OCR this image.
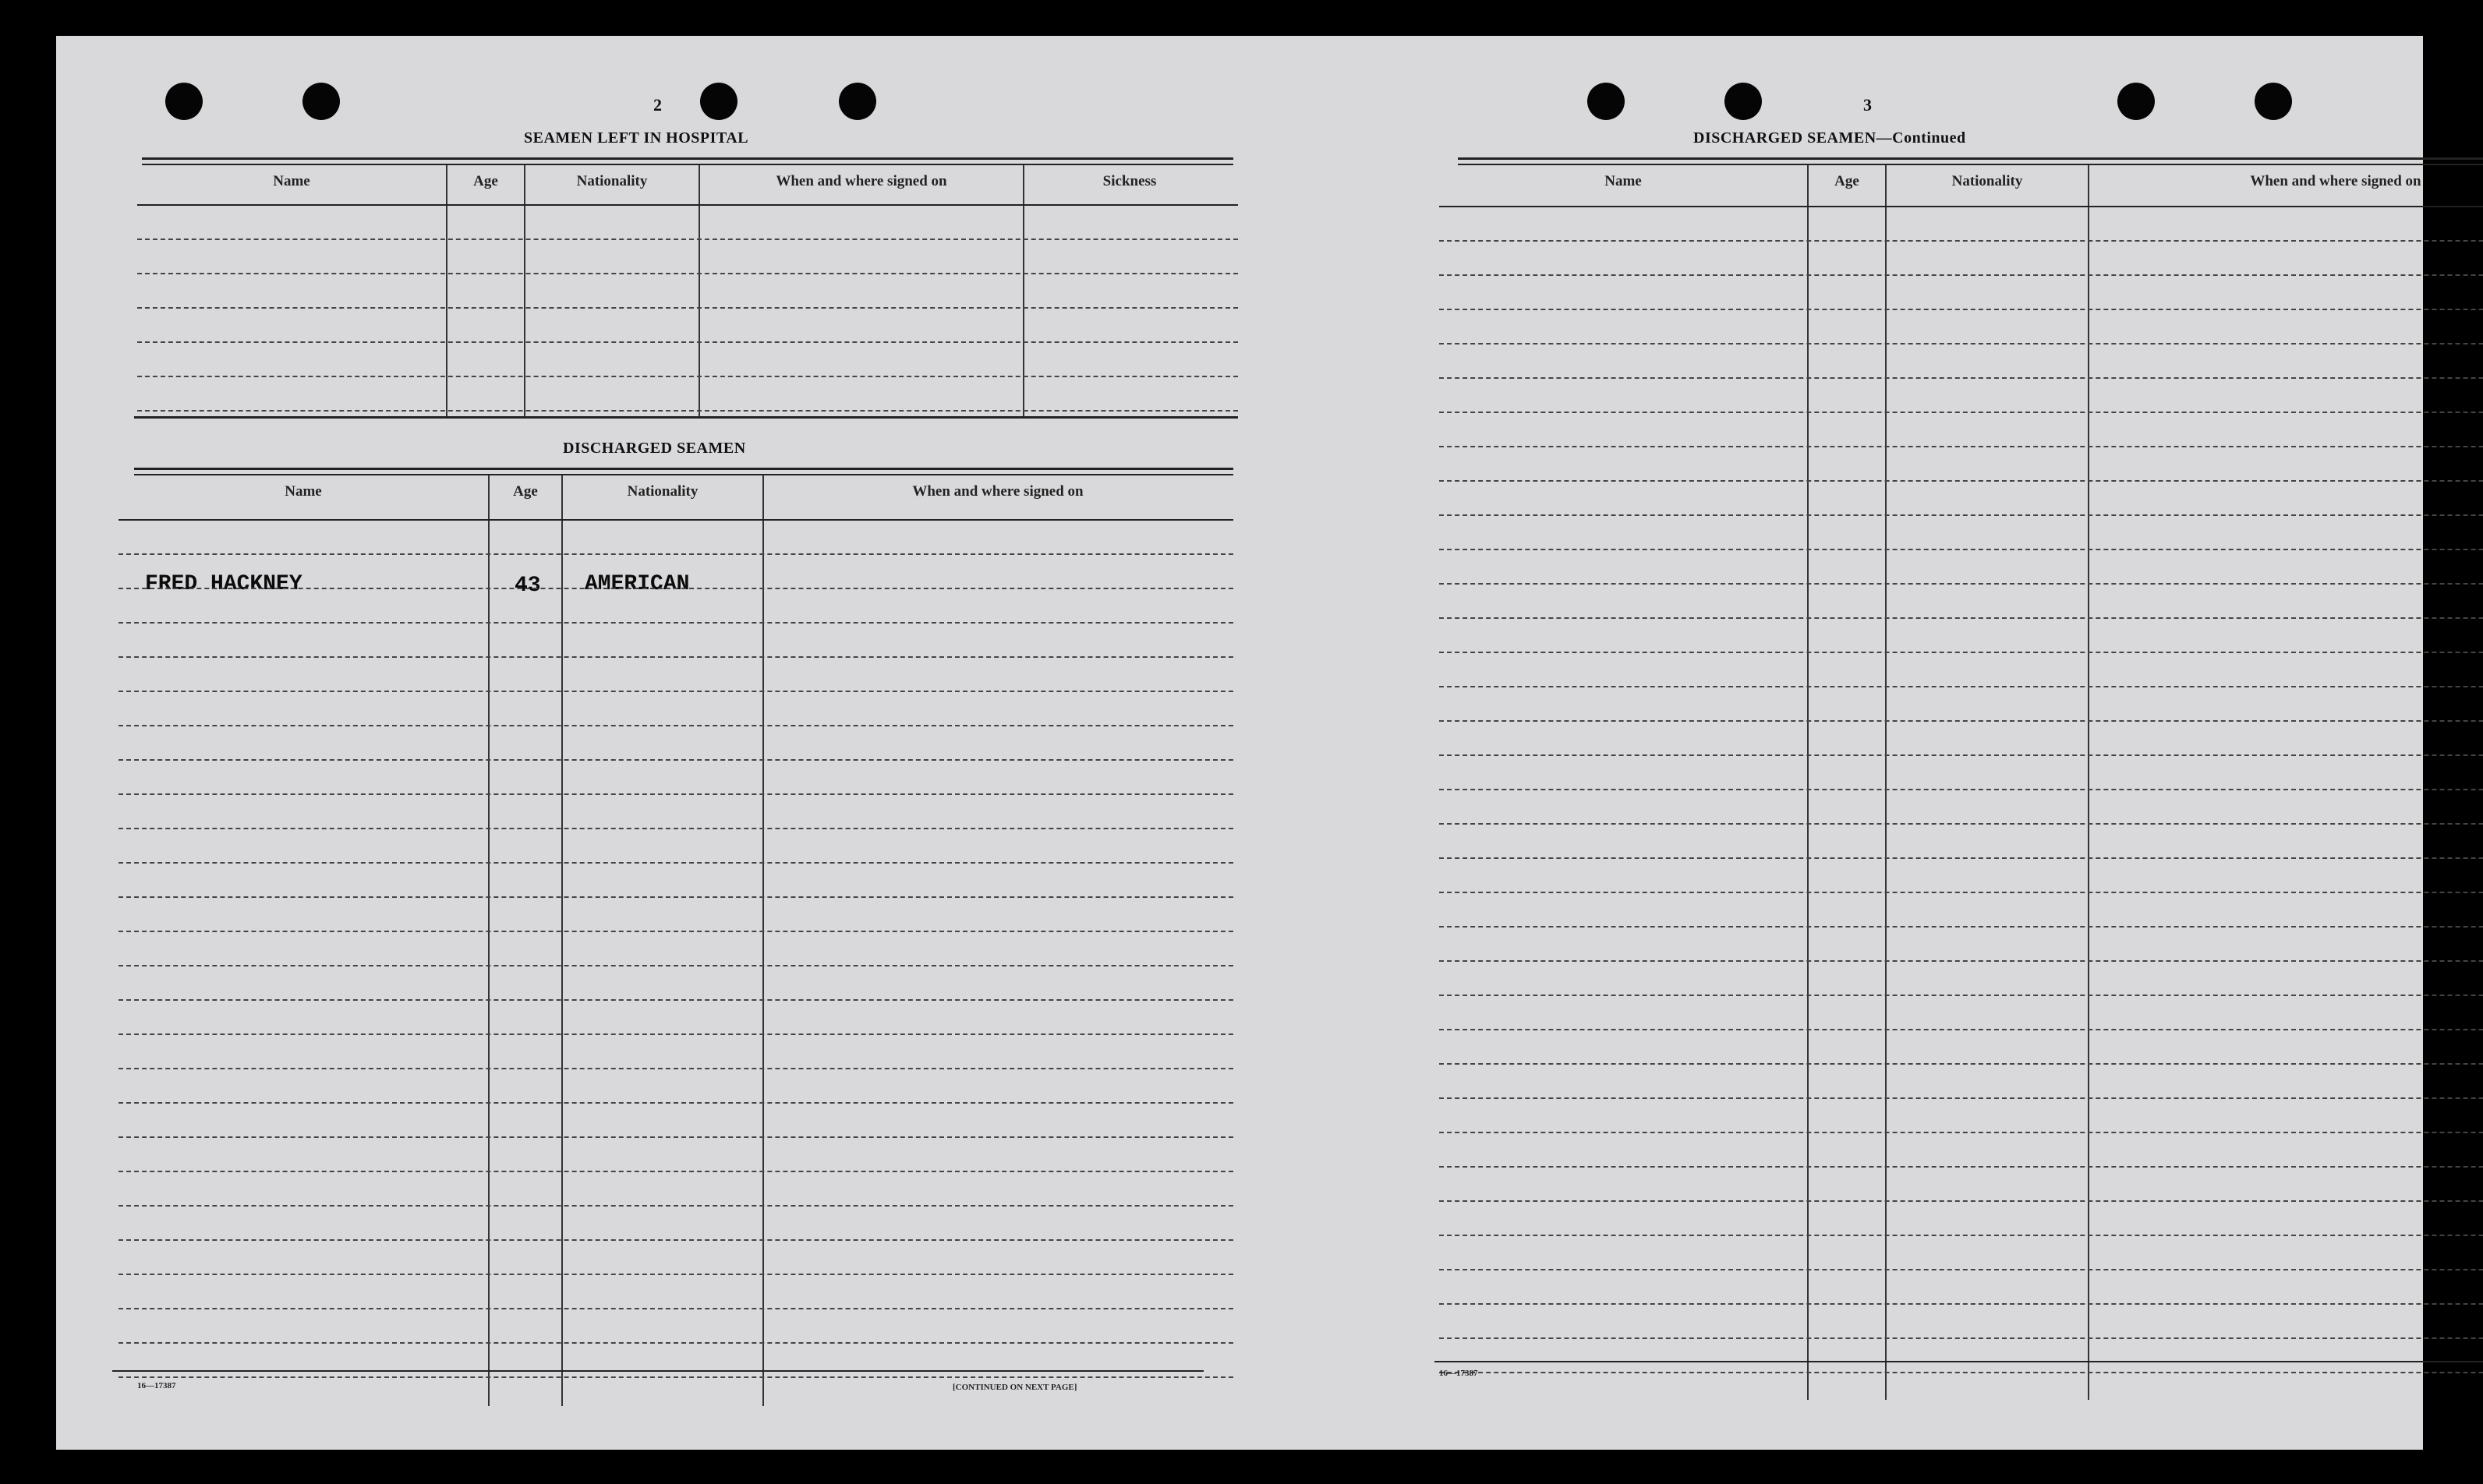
2
SEAMEN LEFT IN HOSPITAL
Name	Age	Nationality	When and where signed on	Sickness
DISCHARGED SEAMEN
Name	Age	Nationality	When and where signed on
FRED HACKNEY	43 AMERICAN
16—17387	[CONTINUED ON NEXT PAGE]
3
DISCHARGED SEAMEN—Continued
Name	Age	Nationality	When and where signed on
16—17387
